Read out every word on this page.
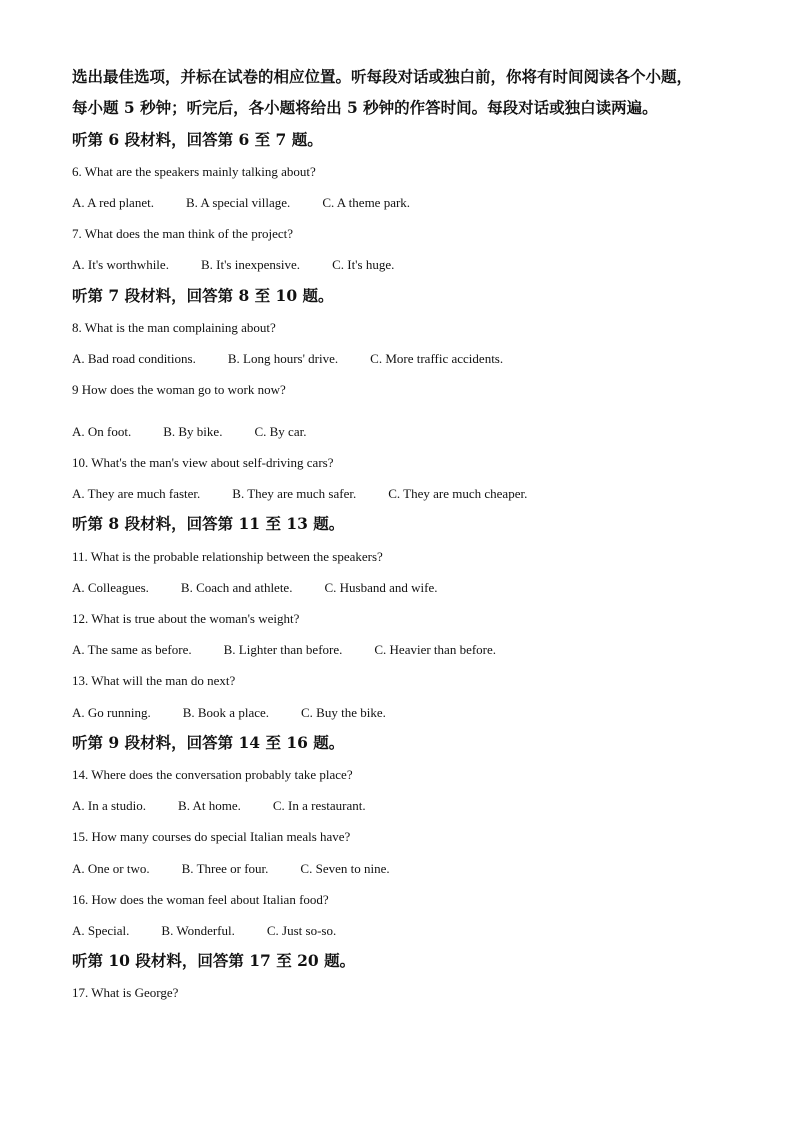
选出最佳选项，并标在试卷的相应位置。听每段对话或独白前，你将有时间阅读各个小题，
每小题 5 秒钟；听完后，各小题将给出 5 秒钟的作答时间。每段对话或独白读两遍。
听第 6 段材料，回答第 6 至 7 题。
6. What are the speakers mainly talking about?
A. A red planet. B. A special village. C. A theme park.
7. What does the man think of the project?
A. It's worthwhile. B. It's inexpensive. C. It's huge.
听第 7 段材料，回答第 8 至 10 题。
8. What is the man complaining about?
A. Bad road conditions. B. Long hours' drive. C. More traffic accidents.
9 How does the woman go to work now?
A. On foot. B. By bike. C. By car.
10. What's the man's view about self-driving cars?
A. They are much faster. B. They are much safer. C. They are much cheaper.
听第 8 段材料，回答第 11 至 13 题。
11. What is the probable relationship between the speakers?
A. Colleagues. B. Coach and athlete. C. Husband and wife.
12. What is true about the woman's weight?
A. The same as before. B. Lighter than before. C. Heavier than before.
13. What will the man do next?
A. Go running. B. Book a place. C. Buy the bike.
听第 9 段材料，回答第 14 至 16 题。
14. Where does the conversation probably take place?
A. In a studio. B. At home. C. In a restaurant.
15. How many courses do special Italian meals have?
A. One or two. B. Three or four. C. Seven to nine.
16. How does the woman feel about Italian food?
A. Special. B. Wonderful. C. Just so-so.
听第 10 段材料，回答第 17 至 20 题。
17. What is George?
